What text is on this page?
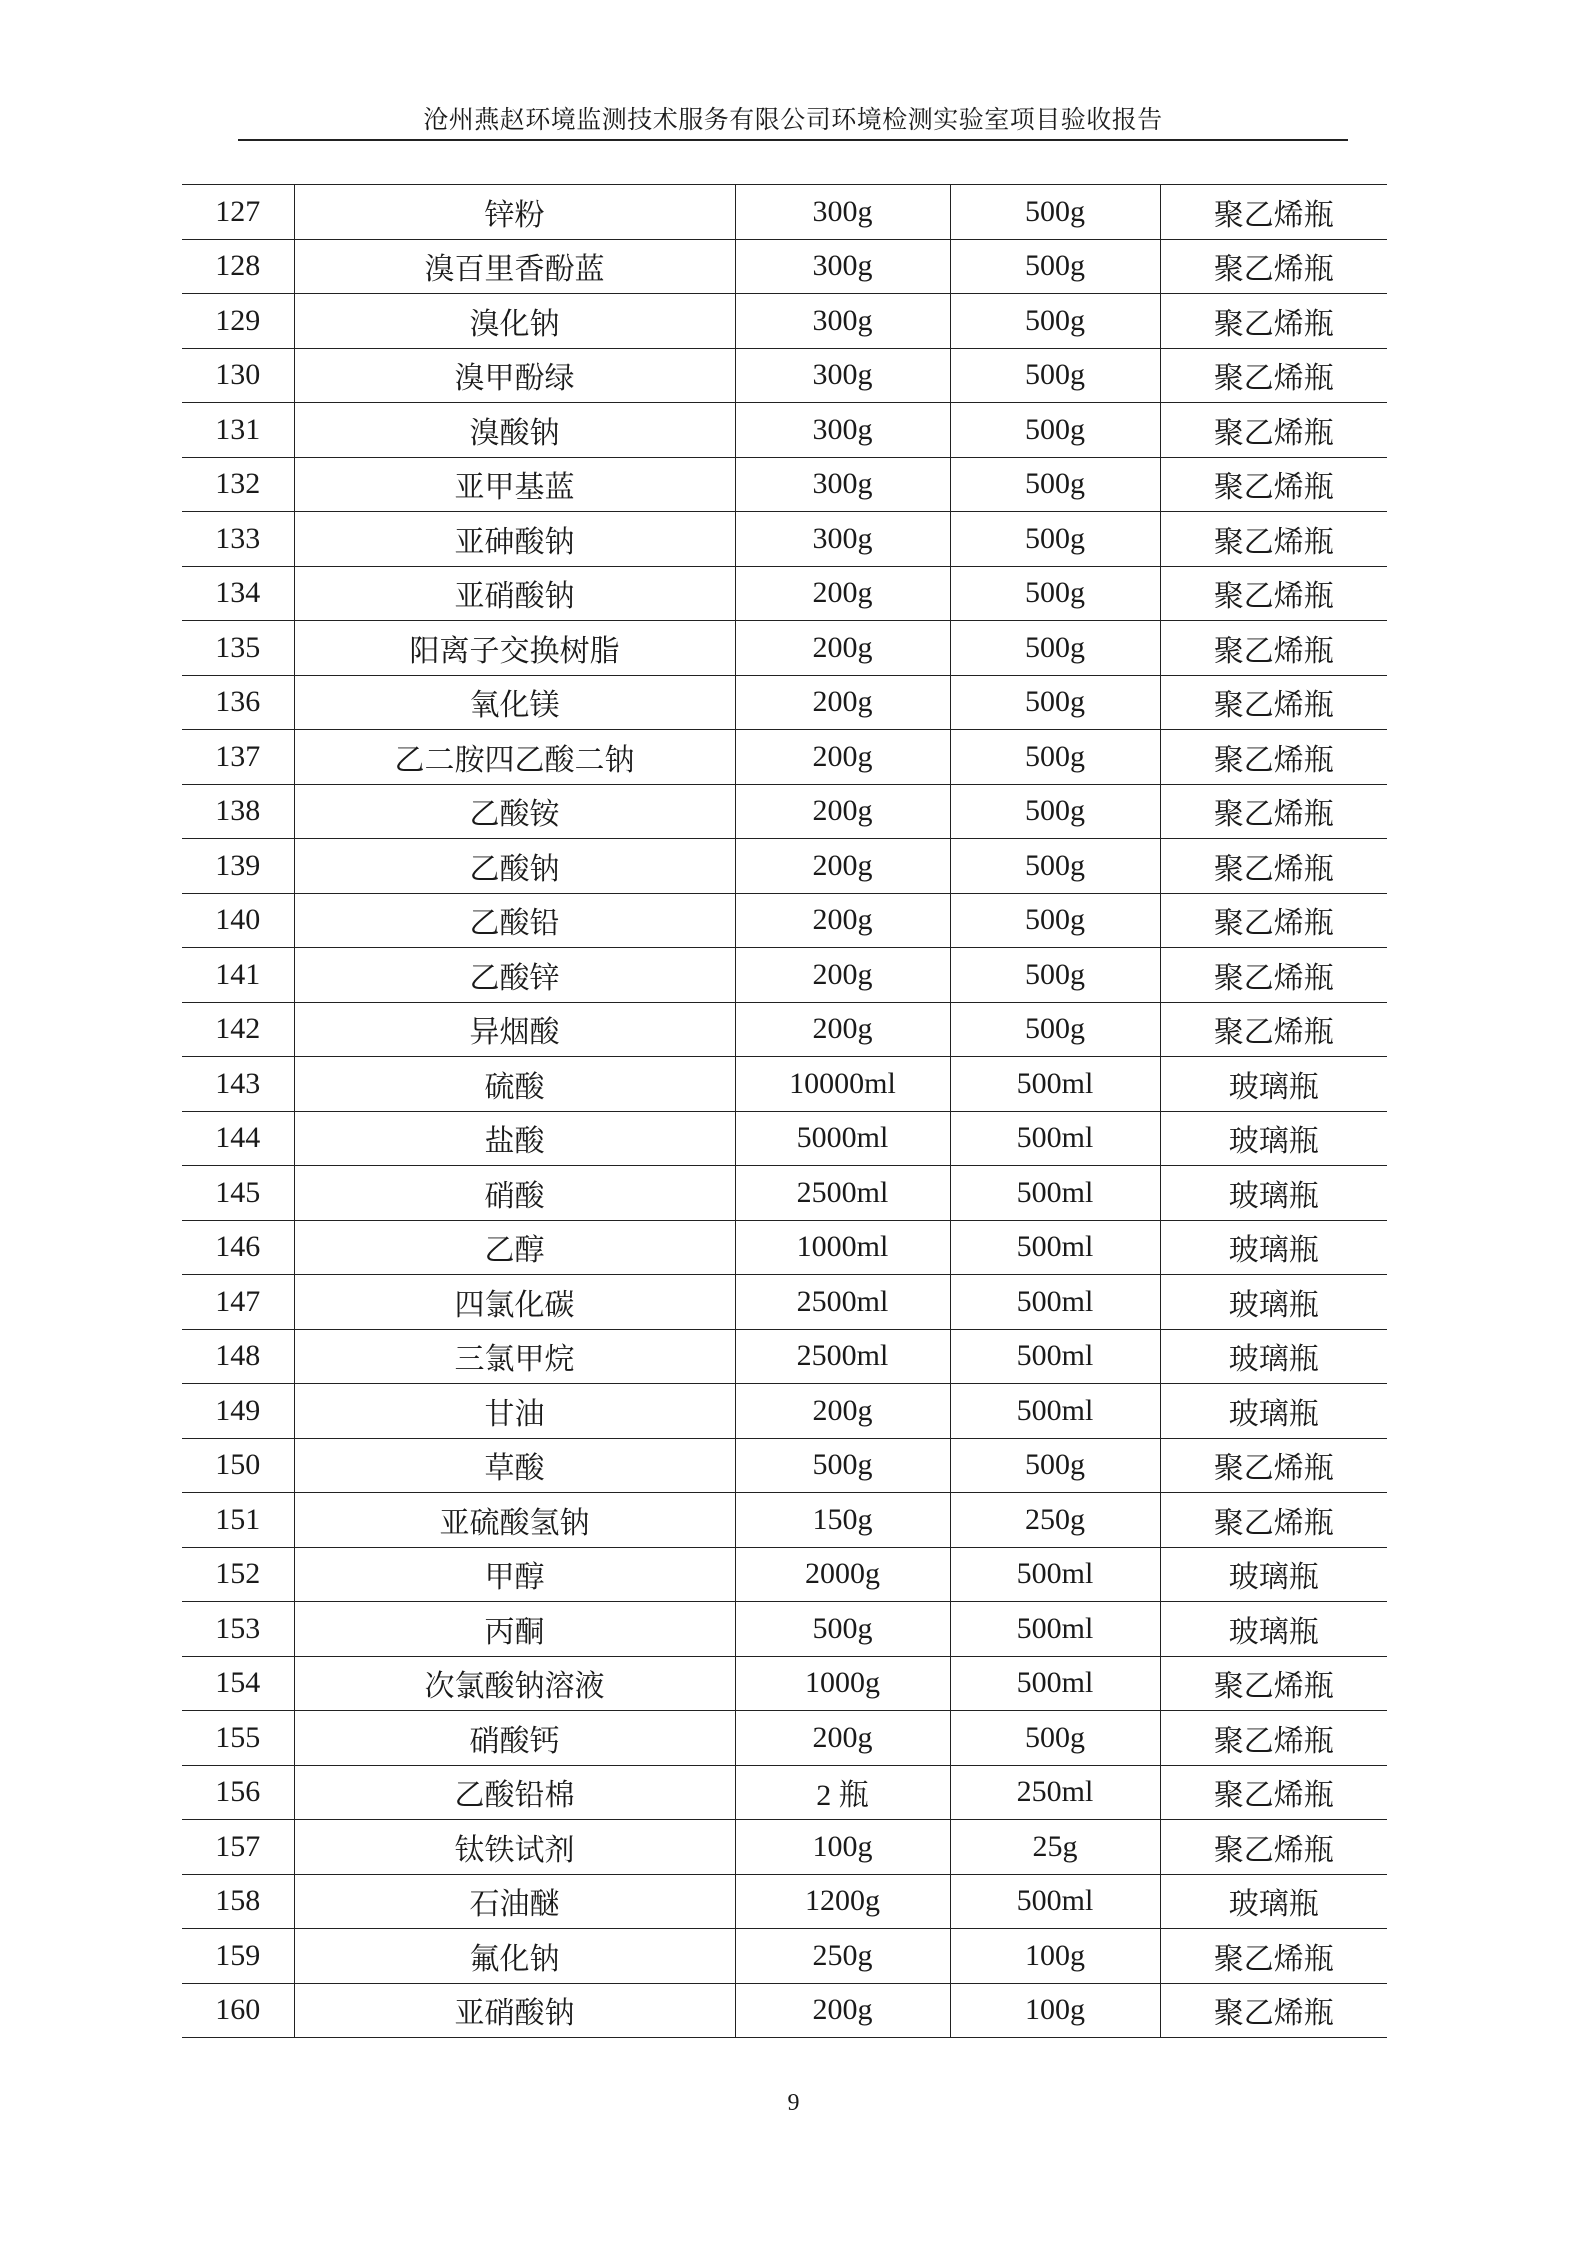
沧州燕赵环境监测技术服务有限公司环境检测实验室项目验收报告
127	锌粉	300g	500g	聚乙烯瓶
128	溴百里香酚蓝	300g	500g	聚乙烯瓶
129	溴化钠	300g	500g	聚乙烯瓶
130	溴甲酚绿	300g	500g	聚乙烯瓶
131	溴酸钠	300g	500g	聚乙烯瓶
132	亚甲基蓝	300g	500g	聚乙烯瓶
133	亚砷酸钠	300g	500g	聚乙烯瓶
134	亚硝酸钠	200g	500g	聚乙烯瓶
135	阳离子交换树脂	200g	500g	聚乙烯瓶
136	氧化镁	200g	500g	聚乙烯瓶
137	乙二胺四乙酸二钠	200g	500g	聚乙烯瓶
138	乙酸铵	200g	500g	聚乙烯瓶
139	乙酸钠	200g	500g	聚乙烯瓶
140	乙酸铅	200g	500g	聚乙烯瓶
141	乙酸锌	200g	500g	聚乙烯瓶
142	异烟酸	200g	500g	聚乙烯瓶
143	硫酸	10000ml	500ml	玻璃瓶
144	盐酸	5000ml	500ml	玻璃瓶
145	硝酸	2500ml	500ml	玻璃瓶
146	乙醇	1000ml	500ml	玻璃瓶
147	四氯化碳	2500ml	500ml	玻璃瓶
148	三氯甲烷	2500ml	500ml	玻璃瓶
149	甘油	200g	500ml	玻璃瓶
150	草酸	500g	500g	聚乙烯瓶
151	亚硫酸氢钠	150g	250g	聚乙烯瓶
152	甲醇	2000g	500ml	玻璃瓶
153	丙酮	500g	500ml	玻璃瓶
154	次氯酸钠溶液	1000g	500ml	聚乙烯瓶
155	硝酸钙	200g	500g	聚乙烯瓶
156	乙酸铅棉	2 瓶	250ml	聚乙烯瓶
157	钛铁试剂	100g	25g	聚乙烯瓶
158	石油醚	1200g	500ml	玻璃瓶
159	氟化钠	250g	100g	聚乙烯瓶
160	亚硝酸钠	200g	100g	聚乙烯瓶
9
